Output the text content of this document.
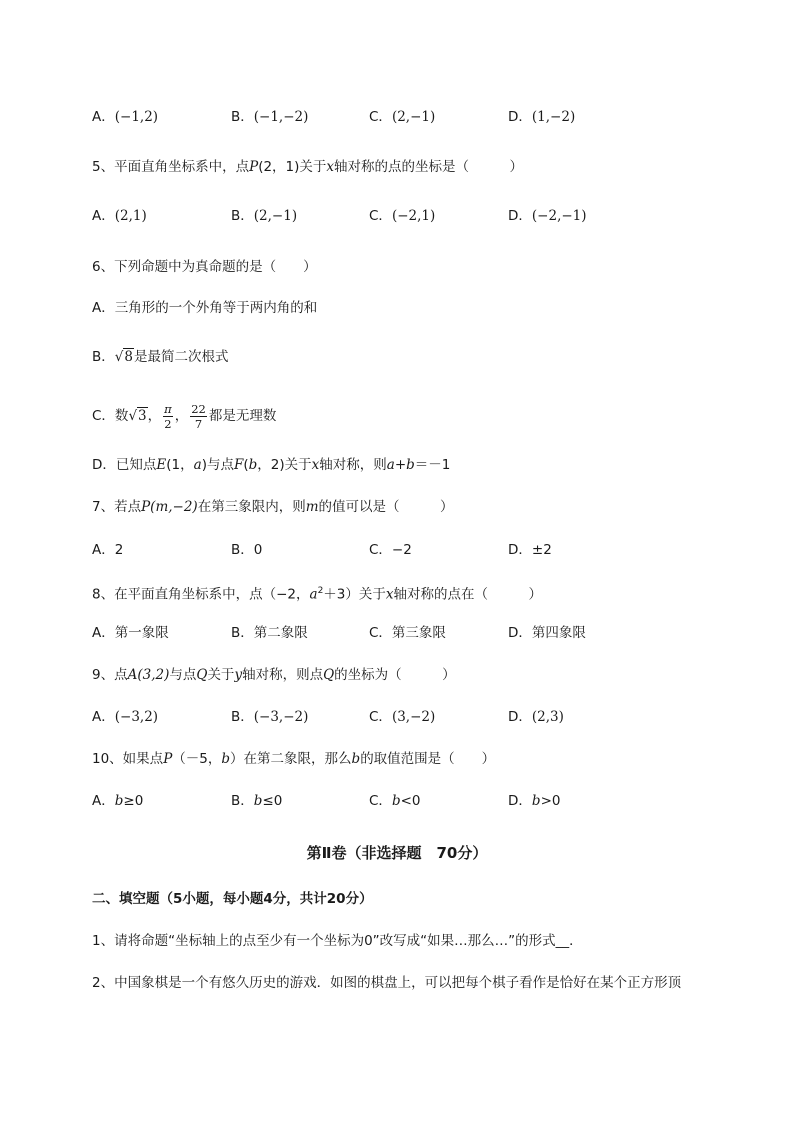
A．(−1,2)	B．(−1,−2)	C．(2,−1)	D．(1,−2)
5、平面直角坐标系中，点P(2，1)关于x轴对称的点的坐标是（　　　）
A．(2,1)	B．(2,−1)	C．(−2,1)	D．(−2,−1)
6、下列命题中为真命题的是（　　）
A．三角形的一个外角等于两内角的和
B．√8是最简二次根式
C．数√3， $\frac{\pi}{2}$ ， $\frac{22}{7}$ 都是无理数
D．已知点E(1，a)与点F(b，2)关于x轴对称，则a+b＝－1
7、若点P(m,−2)在第三象限内，则m的值可以是（　　　）
A．2	B．0	C．−2	D．±2
8、在平面直角坐标系中，点（−2，$a^2+3$）关于x轴对称的点在（　　　）
A．第一象限	B．第二象限	C．第三象限	D．第四象限
9、点A(3,2)与点Q关于y轴对称，则点Q的坐标为（　　　）
A．(−3,2)	B．(−3,−2)	C．(3,−2)	D．(2,3)
10、如果点P（－5，b）在第二象限，那么b的取值范围是（　　）
A．b≥0	B．b≤0	C．b<0	D．b>0
第Ⅱ卷（非选择题　70分）
二、填空题（5小题，每小题4分，共计20分）
1、请将命题“坐标轴上的点至少有一个坐标为0”改写成“如果…那么…”的形式__．
2、中国象棋是一个有悠久历史的游戏．如图的棋盘上，可以把每个棋子看作是恰好在某个正方形顶
